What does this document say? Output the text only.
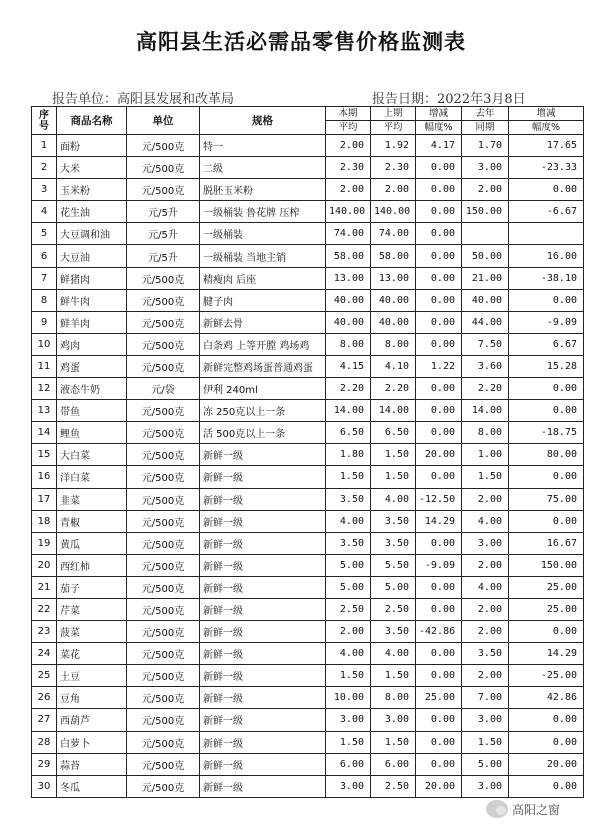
高阳县生活必需品零售价格监测表
报告单位：高阳县发展和改革局	报告日期：2022年3月8日
序号	商品名称	单位	规格	本期	上期	增减	去年	增减
				平均	平均	幅度%	同期	幅度%
1	面粉	元/500克	特一	2.00	1.92	4.17	1.70	17.65
2	大米	元/500克	二级	2.30	2.30	0.00	3.00	-23.33
3	玉米粉	元/500克	脱胚玉米粉	2.00	2.00	0.00	2.00	0.00
4	花生油	元/5升	一级桶装 鲁花牌 压榨	140.00	140.00	0.00	150.00	-6.67
5	大豆调和油	元/5升	一级桶装	74.00	74.00	0.00		
6	大豆油	元/5升	一级桶装 当地主销	58.00	58.00	0.00	50.00	16.00
7	鲜猪肉	元/500克	精瘦肉 后座	13.00	13.00	0.00	21.00	-38.10
8	鲜牛肉	元/500克	腱子肉	40.00	40.00	0.00	40.00	0.00
9	鲜羊肉	元/500克	新鲜去骨	40.00	40.00	0.00	44.00	-9.09
10	鸡肉	元/500克	白条鸡 上等开膛 鸡场鸡	8.00	8.00	0.00	7.50	6.67
11	鸡蛋	元/500克	新鲜完整鸡场蛋普通鸡蛋	4.15	4.10	1.22	3.60	15.28
12	液态牛奶	元/袋	伊利 240ml	2.20	2.20	0.00	2.20	0.00
13	带鱼	元/500克	冻 250克以上一条	14.00	14.00	0.00	14.00	0.00
14	鲤鱼	元/500克	活 500克以上一条	6.50	6.50	0.00	8.00	-18.75
15	大白菜	元/500克	新鲜一级	1.80	1.50	20.00	1.00	80.00
16	洋白菜	元/500克	新鲜一级	1.50	1.50	0.00	1.50	0.00
17	韭菜	元/500克	新鲜一级	3.50	4.00	-12.50	2.00	75.00
18	青椒	元/500克	新鲜一级	4.00	3.50	14.29	4.00	0.00
19	黄瓜	元/500克	新鲜一级	3.50	3.50	0.00	3.00	16.67
20	西红柿	元/500克	新鲜一级	5.00	5.50	-9.09	2.00	150.00
21	茄子	元/500克	新鲜一级	5.00	5.00	0.00	4.00	25.00
22	芹菜	元/500克	新鲜一级	2.50	2.50	0.00	2.00	25.00
23	菠菜	元/500克	新鲜一级	2.00	3.50	-42.86	2.00	0.00
24	菜花	元/500克	新鲜一级	4.00	4.00	0.00	3.50	14.29
25	土豆	元/500克	新鲜一级	1.50	1.50	0.00	2.00	-25.00
26	豆角	元/500克	新鲜一级	10.00	8.00	25.00	7.00	42.86
27	西葫芦	元/500克	新鲜一级	3.00	3.00	0.00	3.00	0.00
28	白萝卜	元/500克	新鲜一级	1.50	1.50	0.00	1.50	0.00
29	蒜苔	元/500克	新鲜一级	6.00	6.00	0.00	5.00	20.00
30	冬瓜	元/500克	新鲜一级	3.00	2.50	20.00	3.00	0.00
高阳之窗
